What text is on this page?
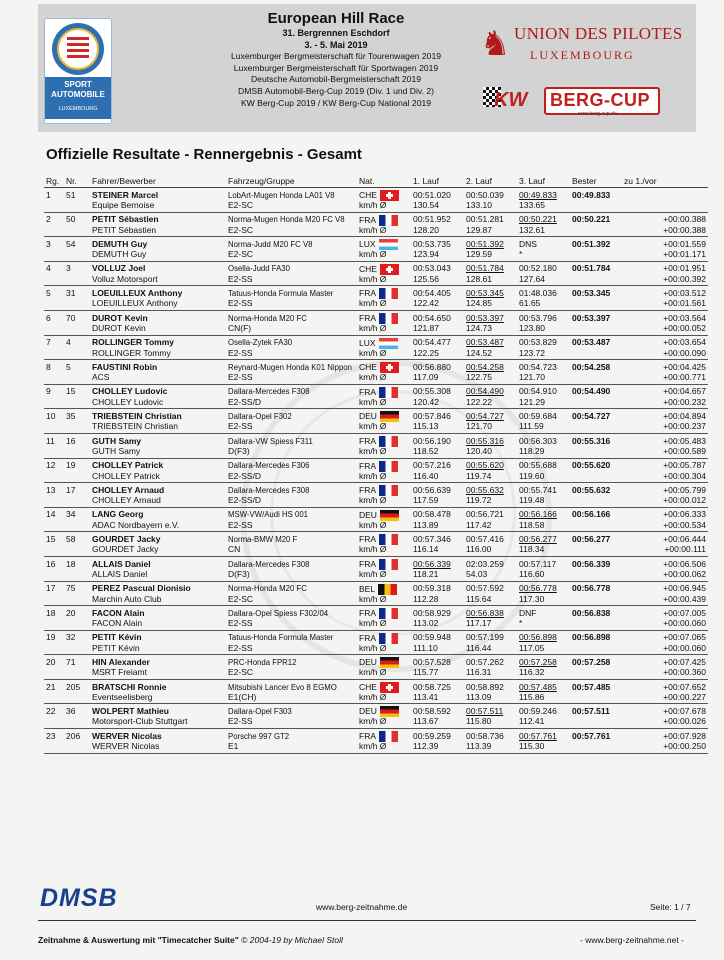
SPORT AUTOMOBILE
LUXEMBOURG
European Hill Race
31. Bergrennen Eschdorf
3. - 5. Mai 2019
Luxemburger Bergmeisterschaft für Tourenwagen 2019
Luxemburger Bergmeisterschaft für Sportwagen 2019
Deutsche Automobil-Bergmeisterschaft 2019
DMSB Automobil-Berg-Cup 2019 (Div. 1 und Div. 2)
KW Berg-Cup 2019 / KW Berg-Cup National 2019
♞ UNION DES PILOTES
LUXEMBOURG
KW BERG-CUP
www.berg-cup.de
Offizielle Resultate - Rennergebnis - Gesamt
Rg.	Nr.	Fahrer/Bewerber	Fahrzeug/Gruppe	Nat.	1. Lauf	2. Lauf	3. Lauf	Bester	zu 1./vor
1	51	STEINER Marcel	LobArt-Mugen Honda LA01 V8	CHE	00:51.020	00:50.039	00:49.833	00:49.833	
		Equipe Bernoise	E2-SC	km/h Ø	130.54	133.10	133.65		
2	50	PETIT Sébastien	Norma-Mugen Honda M20 FC V8	FRA	00:51.952	00:51.281	00:50.221	00:50.221	+00:00.388
		PETIT Sébastien	E2-SC	km/h Ø	128.20	129.87	132.61		+00:00.388
3	54	DEMUTH Guy	Norma-Judd M20 FC V8	LUX	00:53.735	00:51.392	DNS	00:51.392	+00:01.559
		DEMUTH Guy	E2-SC	km/h Ø	123.94	129.59	*		+00:01.171
4	3	VOLLUZ Joel	Osella-Judd FA30	CHE	00:53.043	00:51.784	00:52.180	00:51.784	+00:01.951
		Volluz Motorsport	E2-SS	km/h Ø	125.56	128.61	127.64		+00:00.392
5	31	LOEUILLEUX Anthony	Tatuus-Honda Formula Master	FRA	00:54.405	00:53.345	01:48.036	00:53.345	+00:03.512
		LOEUILLEUX Anthony	E2-SS	km/h Ø	122.42	124.85	61.65		+00:01.561
6	70	DUROT Kevin	Norma-Honda M20 FC	FRA	00:54.650	00:53.397	00:53.796	00:53.397	+00:03.564
		DUROT Kevin	CN(F)	km/h Ø	121.87	124.73	123.80		+00:00.052
7	4	ROLLINGER Tommy	Osella-Zytek FA30	LUX	00:54.477	00:53.487	00:53.829	00:53.487	+00:03.654
		ROLLINGER Tommy	E2-SS	km/h Ø	122.25	124.52	123.72		+00:00.090
8	5	FAUSTINI Robin	Reynard-Mugen Honda K01 Nippon	CHE	00:56.880	00:54.258	00:54.723	00:54.258	+00:04.425
		ACS	E2-SS	km/h Ø	117.09	122.75	121.70		+00:00.771
9	15	CHOLLEY Ludovic	Dallara-Mercedes F308	FRA	00:55.308	00:54.490	00:54.910	00:54.490	+00:04.657
		CHOLLEY Ludovic	E2-SS/D	km/h Ø	120.42	122.22	121.29		+00:00.232
10	35	TRIEBSTEIN Christian	Dallara-Opel F302	DEU	00:57.846	00:54.727	00:59.684	00:54.727	+00:04.894
		TRIEBSTEIN Christian	E2-SS	km/h Ø	115.13	121.70	111.59		+00:00.237
11	16	GUTH Samy	Dallara-VW Spiess F311	FRA	00:56.190	00:55.316	00:56.303	00:55.316	+00:05.483
		GUTH Samy	D(F3)	km/h Ø	118.52	120.40	118.29		+00:00.589
12	19	CHOLLEY Patrick	Dallara-Mercedes F306	FRA	00:57.216	00:55.620	00:55.688	00:55.620	+00:05.787
		CHOLLEY Patrick	E2-SS/D	km/h Ø	116.40	119.74	119.60		+00:00.304
13	17	CHOLLEY Arnaud	Dallara-Mercedes F308	FRA	00:56.639	00:55.632	00:55.741	00:55.632	+00:05.799
		CHOLLEY Arnaud	E2-SS/D	km/h Ø	117.59	119.72	119.48		+00:00.012
14	34	LANG Georg	MSW-VW/Audi HS 001	DEU	00:58.478	00:56.721	00:56.166	00:56.166	+00:06.333
		ADAC Nordbayern e.V.	E2-SS	km/h Ø	113.89	117.42	118.58		+00:00.534
15	58	GOURDET Jacky	Norma-BMW M20 F	FRA	00:57.346	00:57.416	00:56.277	00:56.277	+00:06.444
		GOURDET Jacky	CN	km/h Ø	116.14	116.00	118.34		+00:00.111
16	18	ALLAIS Daniel	Dallara-Mercedes F308	FRA	00:56.339	02:03.259	00:57.117	00:56.339	+00:06.506
		ALLAIS Daniel	D(F3)	km/h Ø	118.21	54.03	116.60		+00:00.062
17	75	PEREZ Pascual Dionisio	Norma-Honda M20 FC	BEL	00:59.318	00:57.592	00:56.778	00:56.778	+00:06.945
		Marchin Auto Club	E2-SC	km/h Ø	112.28	115.64	117.30		+00:00.439
18	20	FACON Alain	Dallara-Opel Spiess F302/04	FRA	00:58.929	00:56.838	DNF	00:56.838	+00:07.005
		FACON Alain	E2-SS	km/h Ø	113.02	117.17	*		+00:00.060
19	32	PETIT Kévin	Tatuus-Honda Formula Master	FRA	00:59.948	00:57.199	00:56.898	00:56.898	+00:07.065
		PETIT Kévin	E2-SS	km/h Ø	111.10	116.44	117.05		+00:00.060
20	71	HIN Alexander	PRC-Honda FPR12	DEU	00:57.528	00:57.262	00:57.258	00:57.258	+00:07.425
		MSRT Freiamt	E2-SC	km/h Ø	115.77	116.31	116.32		+00:00.360
21	205	BRATSCHI Ronnie	Mitsubishi Lancer Evo 8 EGMO	CHE	00:58.725	00:58.892	00:57.485	00:57.485	+00:07.652
		Eventseelisberg	E1(CH)	km/h Ø	113.41	113.09	115.86		+00:00.227
22	36	WOLPERT Mathieu	Dallara-Opel F303	DEU	00:58.592	00:57.511	00:59.246	00:57.511	+00:07.678
		Motorsport-Club Stuttgart	E2-SS	km/h Ø	113.67	115.80	112.41		+00:00.026
23	206	WERVER Nicolas	Porsche 997 GT2	FRA	00:59.259	00:58.736	00:57.761	00:57.761	+00:07.928
		WERVER Nicolas	E1	km/h Ø	112.39	113.39	115.30		+00:00.250
DMSB	www.berg-zeitnahme.de	Seite: 1 / 7
Zeitnahme & Auswertung mit "Timecatcher Suite" © 2004-19 by Michael Stoll	- www.berg-zeitnahme.net -
